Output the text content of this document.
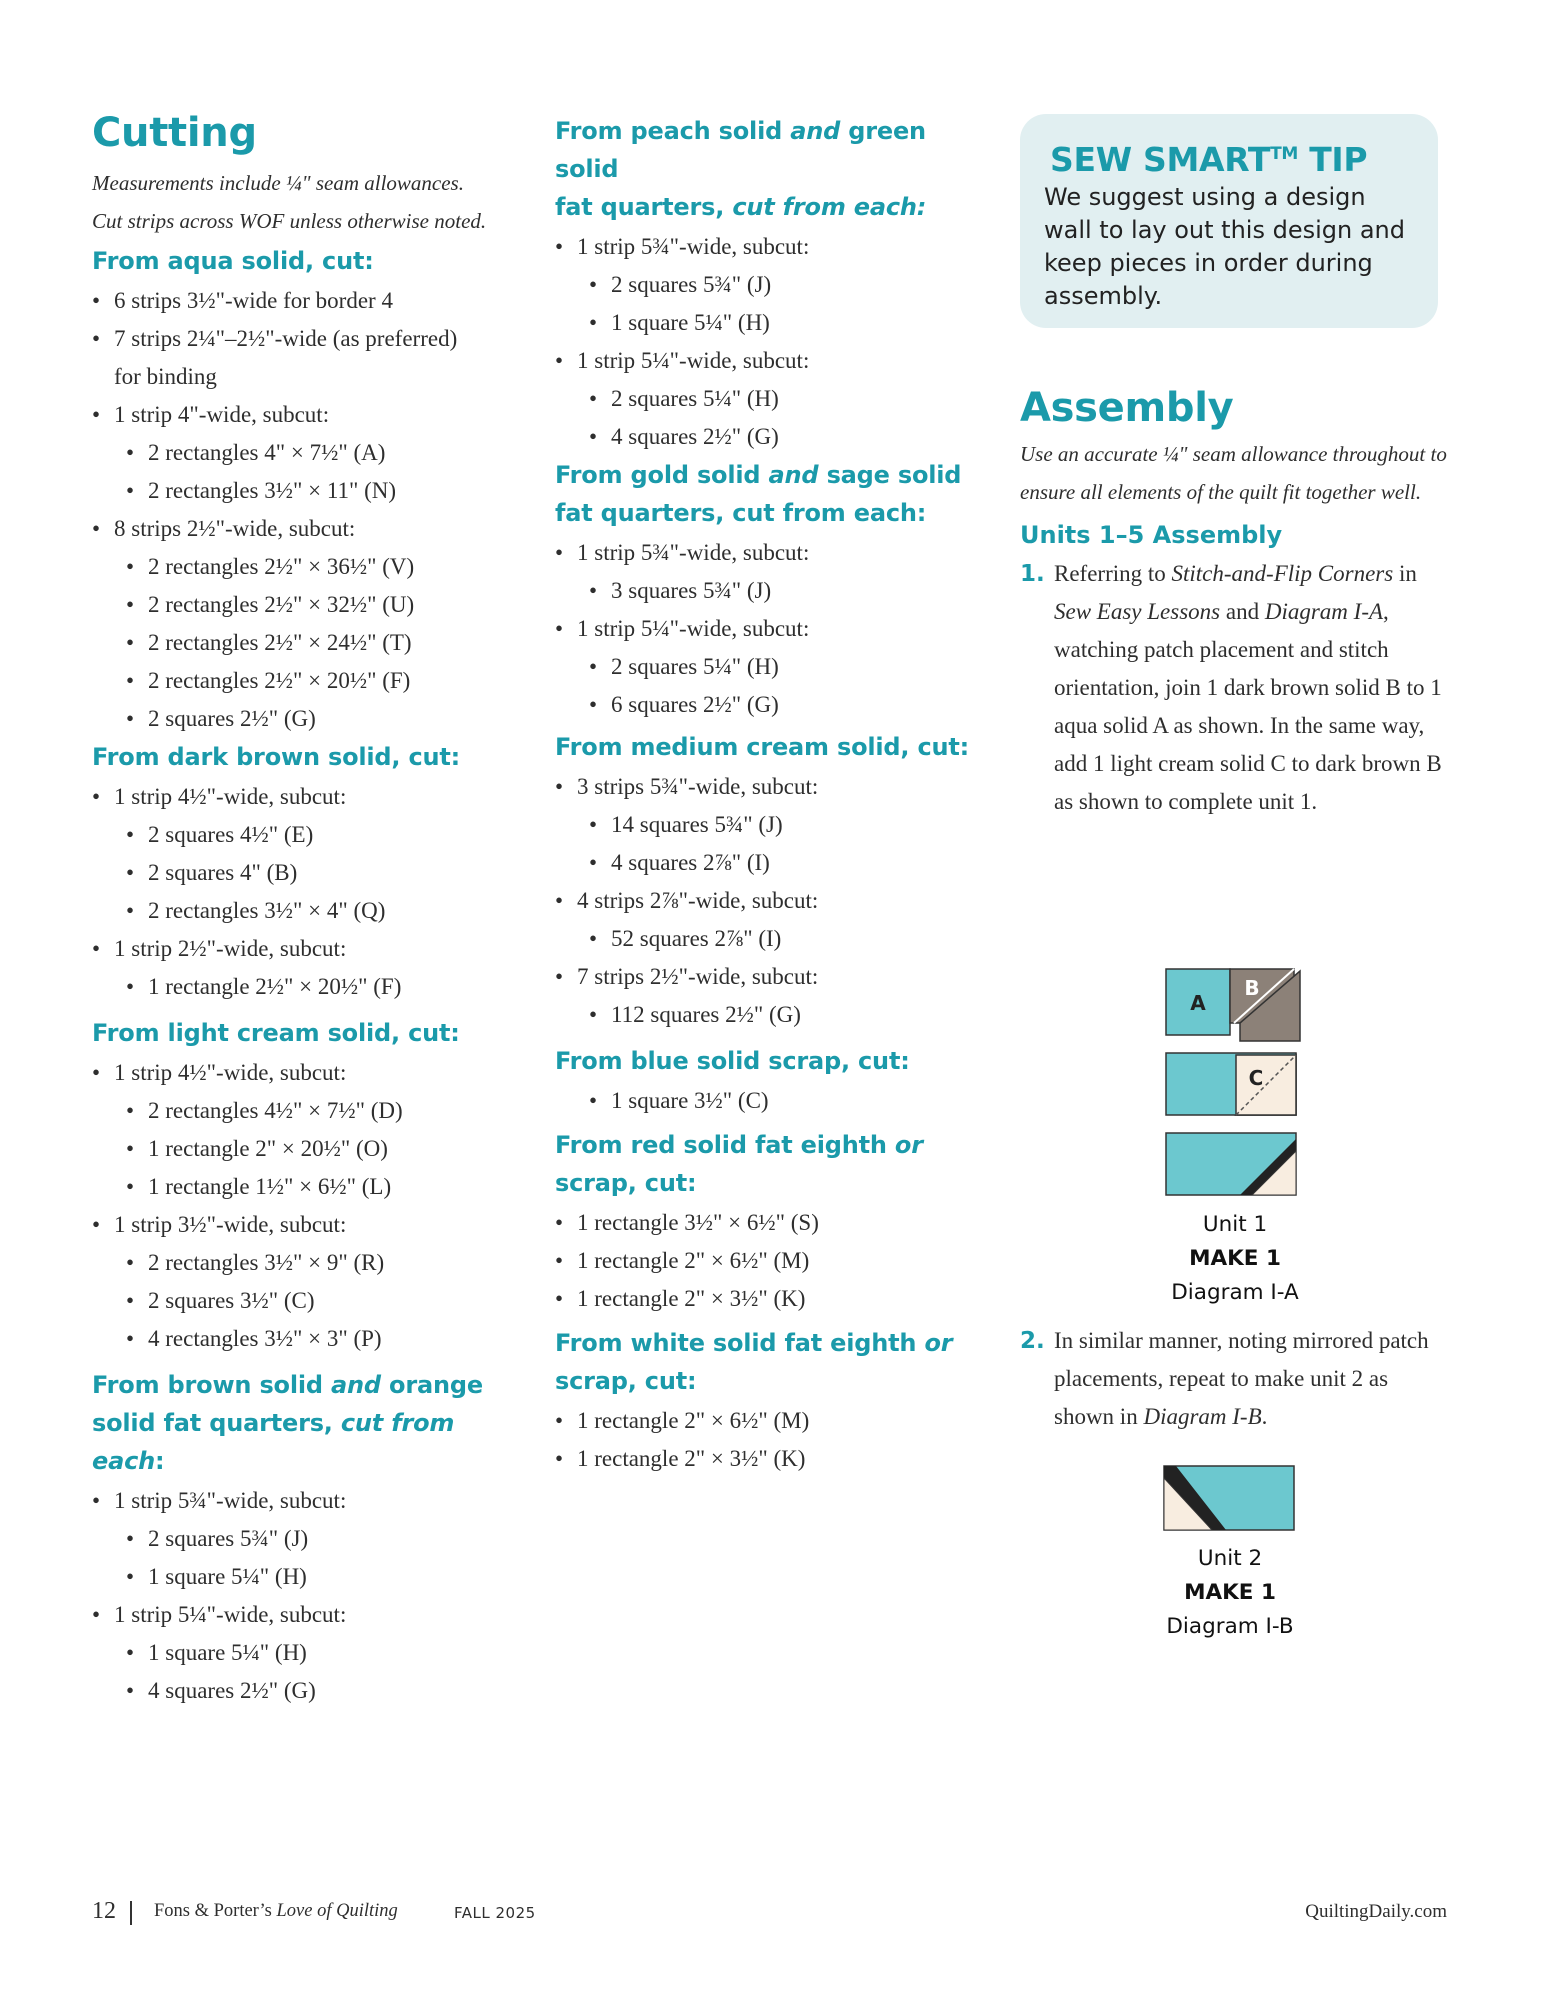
Cutting

Measurements include ¼" seam allowances.

Cut strips across WOF unless otherwise noted.

From aqua solid, cut:
• 6 strips 3½"-wide for border 4
• 7 strips 2¼"–2½"-wide (as preferred)
for binding
• 1 strip 4"-wide, subcut:
• 2 rectangles 4" × 7½" (A)
• 2 rectangles 3½" × 11" (N)
• 8 strips 2½"-wide, subcut:
• 2 rectangles 2½" × 36½" (V)
• 2 rectangles 2½" × 32½" (U)
• 2 rectangles 2½" × 24½" (T)
• 2 rectangles 2½" × 20½" (F)
• 2 squares 2½" (G)
From dark brown solid, cut:
• 1 strip 4½"-wide, subcut:
• 2 squares 4½" (E)
• 2 squares 4" (B)
• 2 rectangles 3½" × 4" (Q)
• 1 strip 2½"-wide, subcut:
• 1 rectangle 2½" × 20½" (F)
From light cream solid, cut:
• 1 strip 4½"-wide, subcut:
• 2 rectangles 4½" × 7½" (D)
• 1 rectangle 2" × 20½" (O)
• 1 rectangle 1½" × 6½" (L)
• 1 strip 3½"-wide, subcut:
• 2 rectangles 3½" × 9" (R)
• 2 squares 3½" (C)
• 4 rectangles 3½" × 3" (P)
From brown solid and orange
solid fat quarters, cut from each:
• 1 strip 5¾"-wide, subcut:
• 2 squares 5¾" (J)
• 1 square 5¼" (H)
• 1 strip 5¼"-wide, subcut:
• 1 square 5¼" (H)
• 4 squares 2½" (G)
From peach solid and green solid
fat quarters, cut from each:
• 1 strip 5¾"-wide, subcut:
• 2 squares 5¾" (J)
• 1 square 5¼" (H)
• 1 strip 5¼"-wide, subcut:
• 2 squares 5¼" (H)
• 4 squares 2½" (G)
From gold solid and sage solid
fat quarters, cut from each:
• 1 strip 5¾"-wide, subcut:
• 3 squares 5¾" (J)
• 1 strip 5¼"-wide, subcut:
• 2 squares 5¼" (H)
• 6 squares 2½" (G)
From medium cream solid, cut:
• 3 strips 5¾"-wide, subcut:
• 14 squares 5¾" (J)
• 4 squares 2⅞" (I)
• 4 strips 2⅞"-wide, subcut:
• 52 squares 2⅞" (I)
• 7 strips 2½"-wide, subcut:
• 112 squares 2½" (G)
From blue solid scrap, cut:
• 1 square 3½" (C)
From red solid fat eighth or
scrap, cut:
• 1 rectangle 3½" × 6½" (S)
• 1 rectangle 2" × 6½" (M)
• 1 rectangle 2" × 3½" (K)
From white solid fat eighth or
scrap, cut:
• 1 rectangle 2" × 6½" (M)
• 1 rectangle 2" × 3½" (K)
SEW SMART™ TIP

We suggest using a design wall to lay out this design and keep pieces in order during assembly.

Assembly

Use an accurate ¼" seam allowance throughout to ensure all elements of the quilt fit together well.

Units 1–5 Assembly

1. Referring to Stitch-and-Flip Corners in Sew Easy Lessons and Diagram I-A, watching patch placement and stitch orientation, join 1 dark brown solid B to 1 aqua solid A as shown. In the same way, add 1 light cream solid C to dark brown B as shown to complete unit 1.

A
B
C
Unit 1
MAKE 1
Diagram I-A

2. In similar manner, noting mirrored patch placements, repeat to make unit 2 as shown in Diagram I-B.

Unit 2
MAKE 1
Diagram I-B
12 Fons & Porter’s Love of Quilting	FALL 2025	QuiltingDaily.com
